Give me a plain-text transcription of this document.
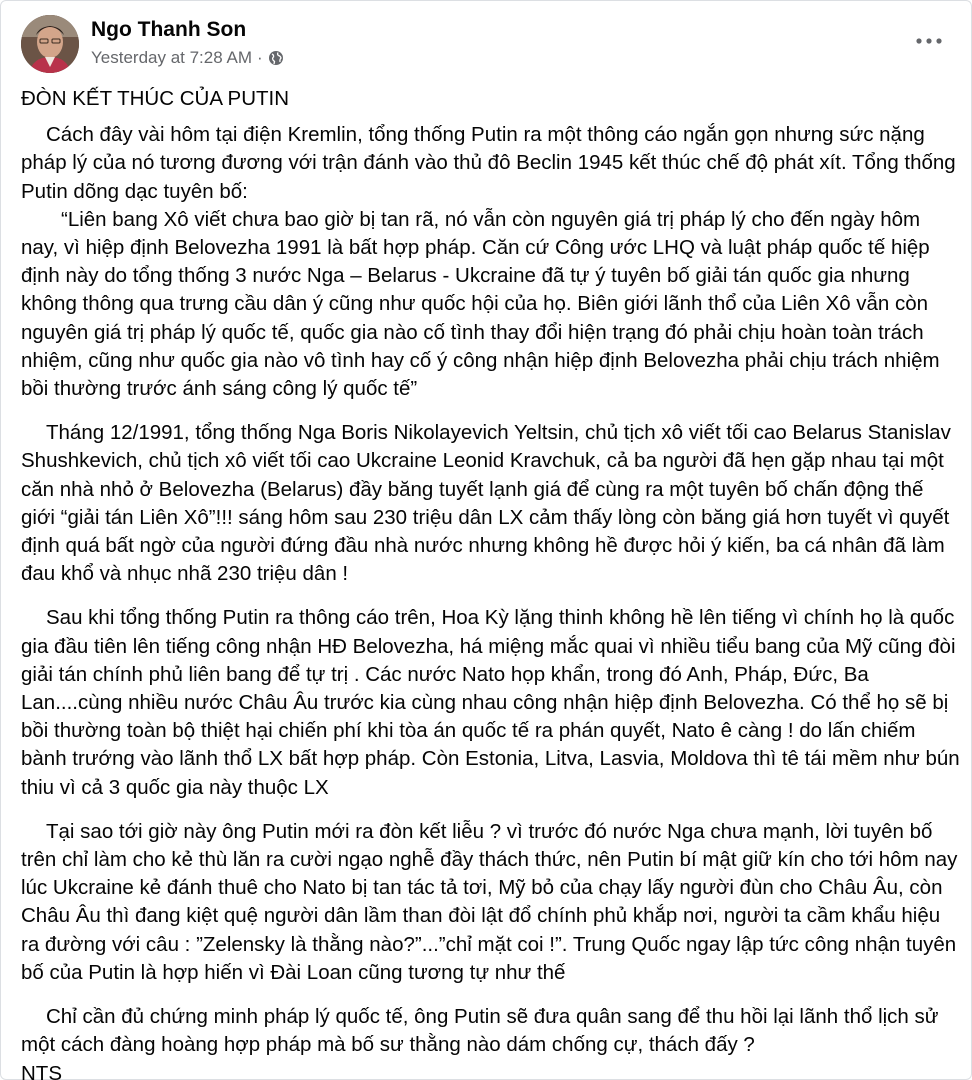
Ngo Thanh Son
Yesterday at 7:28 AM ·

ĐÒN KẾT THÚC CỦA PUTIN

Cách đây vài hôm tại điện Kremlin, tổng thống Putin ra một thông cáo ngắn gọn nhưng sức nặng pháp lý của nó tương đương với trận đánh vào thủ đô Beclin 1945 kết thúc chế độ phát xít. Tổng thống Putin dõng dạc tuyên bố:

“Liên bang Xô viết chưa bao giờ bị tan rã, nó vẫn còn nguyên giá trị pháp lý cho đến ngày hôm nay, vì hiệp định Belovezha 1991 là bất hợp pháp. Căn cứ Công ước LHQ và luật pháp quốc tế hiệp định này do tổng thống 3 nước Nga – Belarus - Ukcraine đã tự ý tuyên bố giải tán quốc gia nhưng không thông qua trưng cầu dân ý cũng như quốc hội của họ. Biên giới lãnh thổ của Liên Xô vẫn còn nguyên giá trị pháp lý quốc tế, quốc gia nào cố tình thay đổi hiện trạng đó phải chịu hoàn toàn trách nhiệm, cũng như quốc gia nào vô tình hay cố ý công nhận hiệp định Belovezha phải chịu trách nhiệm bồi thường trước ánh sáng công lý quốc tế”

Tháng 12/1991, tổng thống Nga Boris Nikolayevich Yeltsin, chủ tịch xô viết tối cao Belarus Stanislav Shushkevich, chủ tịch xô viết tối cao Ukcraine Leonid Kravchuk, cả ba người đã hẹn gặp nhau tại một căn nhà nhỏ ở Belovezha (Belarus) đầy băng tuyết lạnh giá để cùng ra một tuyên bố chấn động thế giới “giải tán Liên Xô”!!! sáng hôm sau 230 triệu dân LX cảm thấy lòng còn băng giá hơn tuyết vì quyết định quá bất ngờ của người đứng đầu nhà nước nhưng không hề được hỏi ý kiến, ba cá nhân đã làm đau khổ và nhục nhã 230 triệu dân !

Sau khi tổng thống Putin ra thông cáo trên, Hoa Kỳ lặng thinh không hề lên tiếng vì chính họ là quốc gia đầu tiên lên tiếng công nhận HĐ Belovezha, há miệng mắc quai vì nhiều tiểu bang của Mỹ cũng đòi giải tán chính phủ liên bang để tự trị . Các nước Nato họp khẩn, trong đó Anh, Pháp, Đức, Ba Lan....cùng nhiều nước Châu Âu trước kia cùng nhau công nhận hiệp định Belovezha. Có thể họ sẽ bị bồi thường toàn bộ thiệt hại chiến phí khi tòa án quốc tế ra phán quyết, Nato ê càng ! do lấn chiếm bành trướng vào lãnh thổ LX bất hợp pháp. Còn Estonia, Litva, Lasvia, Moldova thì tê tái mềm như bún thiu vì cả 3 quốc gia này thuộc LX

Tại sao tới giờ này ông Putin mới ra đòn kết liễu ? vì trước đó nước Nga chưa mạnh, lời tuyên bố trên chỉ làm cho kẻ thù lăn ra cười ngạo nghễ đầy thách thức, nên Putin bí mật giữ kín cho tới hôm nay lúc Ukcraine kẻ đánh thuê cho Nato bị tan tác tả tơi, Mỹ bỏ của chạy lấy người đùn cho Châu Âu, còn Châu Âu thì đang kiệt quệ người dân lầm than đòi lật đổ chính phủ khắp nơi, người ta cầm khẩu hiệu ra đường với câu : ”Zelensky là thằng nào?”...”chỉ mặt coi !”. Trung Quốc ngay lập tức công nhận tuyên bố của Putin là hợp hiến vì Đài Loan cũng tương tự như thế

Chỉ cần đủ chứng minh pháp lý quốc tế, ông Putin sẽ đưa quân sang để thu hồi lại lãnh thổ lịch sử một cách đàng hoàng hợp pháp mà bố sư thằng nào dám chống cự, thách đấy ?

NTS
